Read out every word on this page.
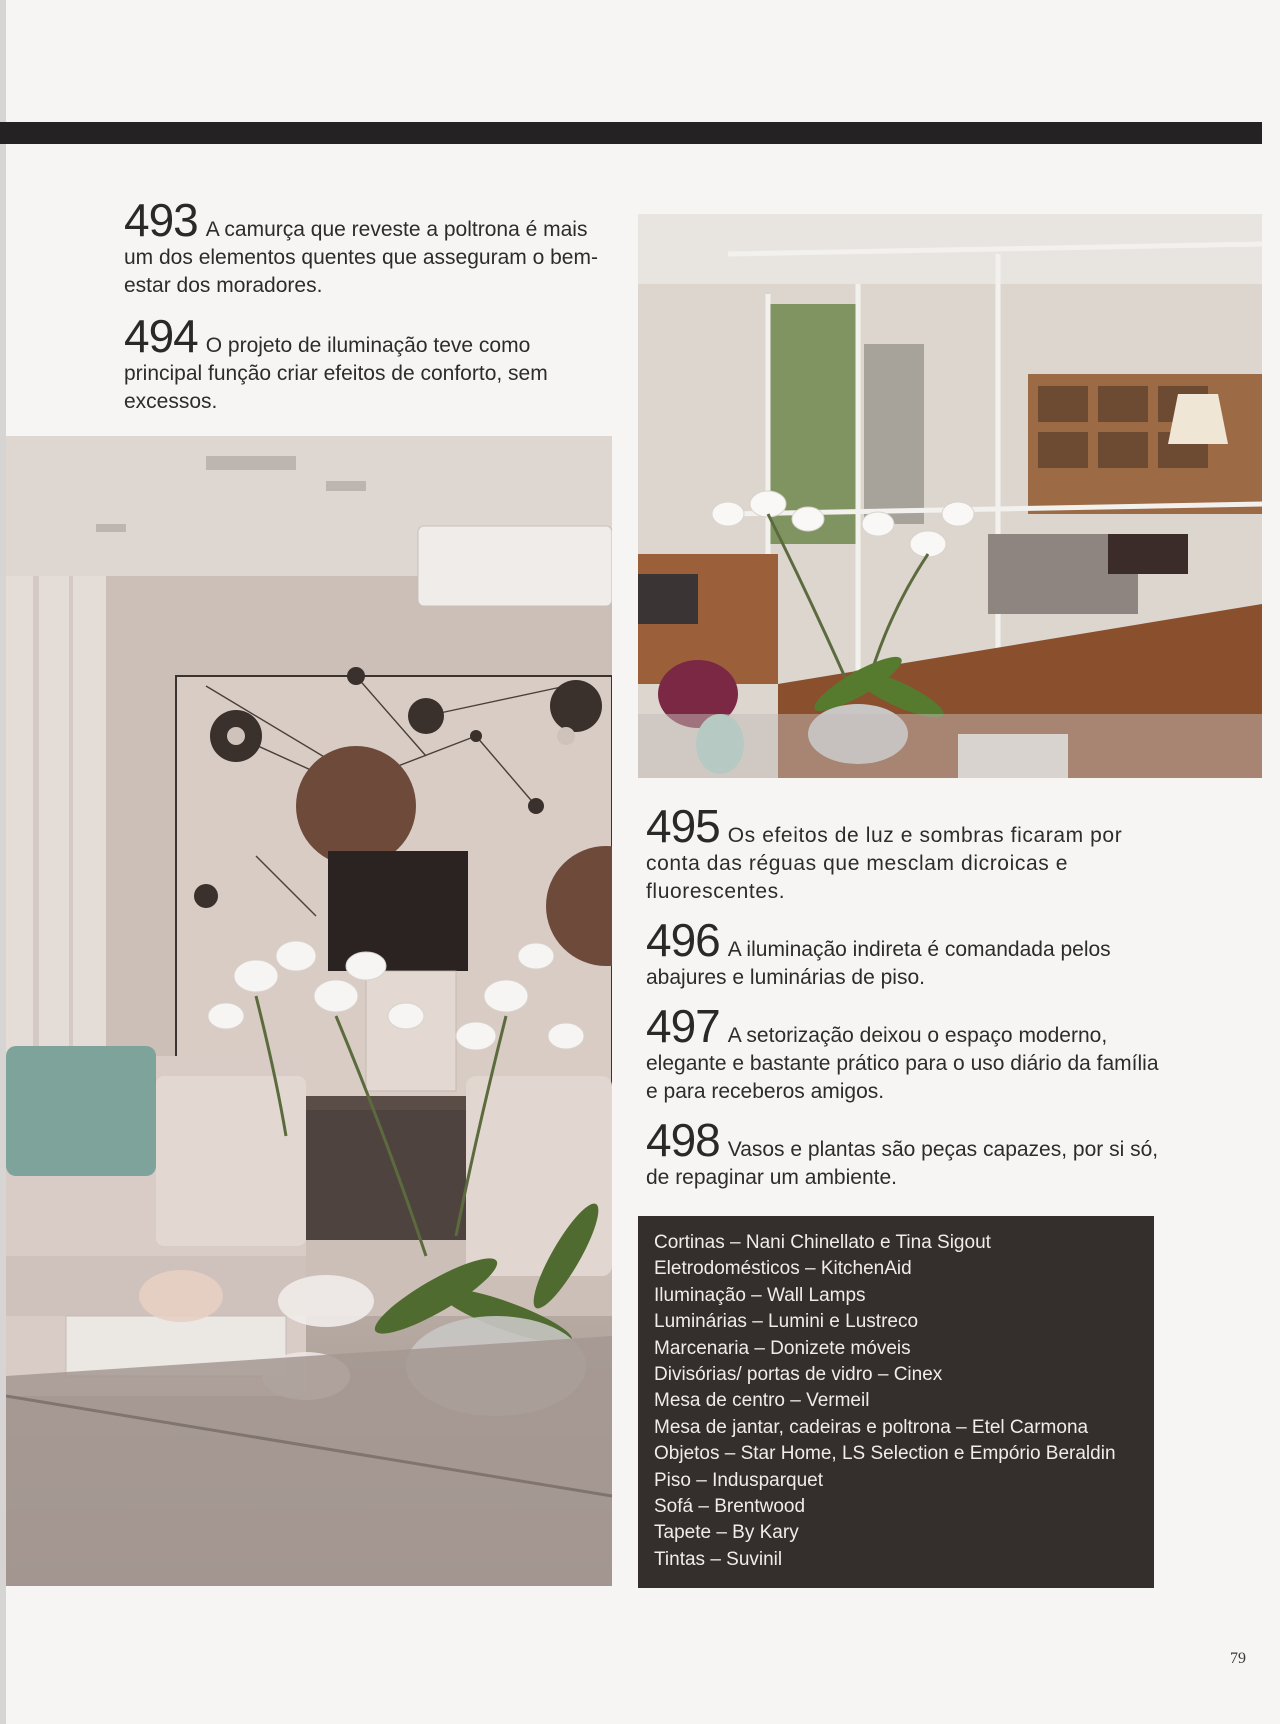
493 A camurça que reveste a poltrona é mais um dos elementos quentes que asseguram o bem-estar dos moradores.
494 O projeto de iluminação teve como principal função criar efeitos de conforto, sem excessos.
495 Os efeitos de luz e sombras ficaram por conta das réguas que mesclam dicroicas e fluorescentes.
496 A iluminação indireta é comandada pelos abajures e luminárias de piso.
497 A setorização deixou o espaço moderno, elegante e bastante prático para o uso diário da família e para receberos amigos.
498 Vasos e plantas são peças capazes, por si só, de repaginar um ambiente.
Cortinas – Nani Chinellato e Tina Sigout
Eletrodomésticos – KitchenAid
Iluminação – Wall Lamps
Luminárias – Lumini e Lustreco
Marcenaria – Donizete móveis
Divisórias/ portas de vidro – Cinex
Mesa de centro – Vermeil
Mesa de jantar, cadeiras e poltrona – Etel Carmona
Objetos – Star Home, LS Selection e Empório Beraldin
Piso – Indusparquet
Sofá – Brentwood
Tapete – By Kary
Tintas – Suvinil
79
